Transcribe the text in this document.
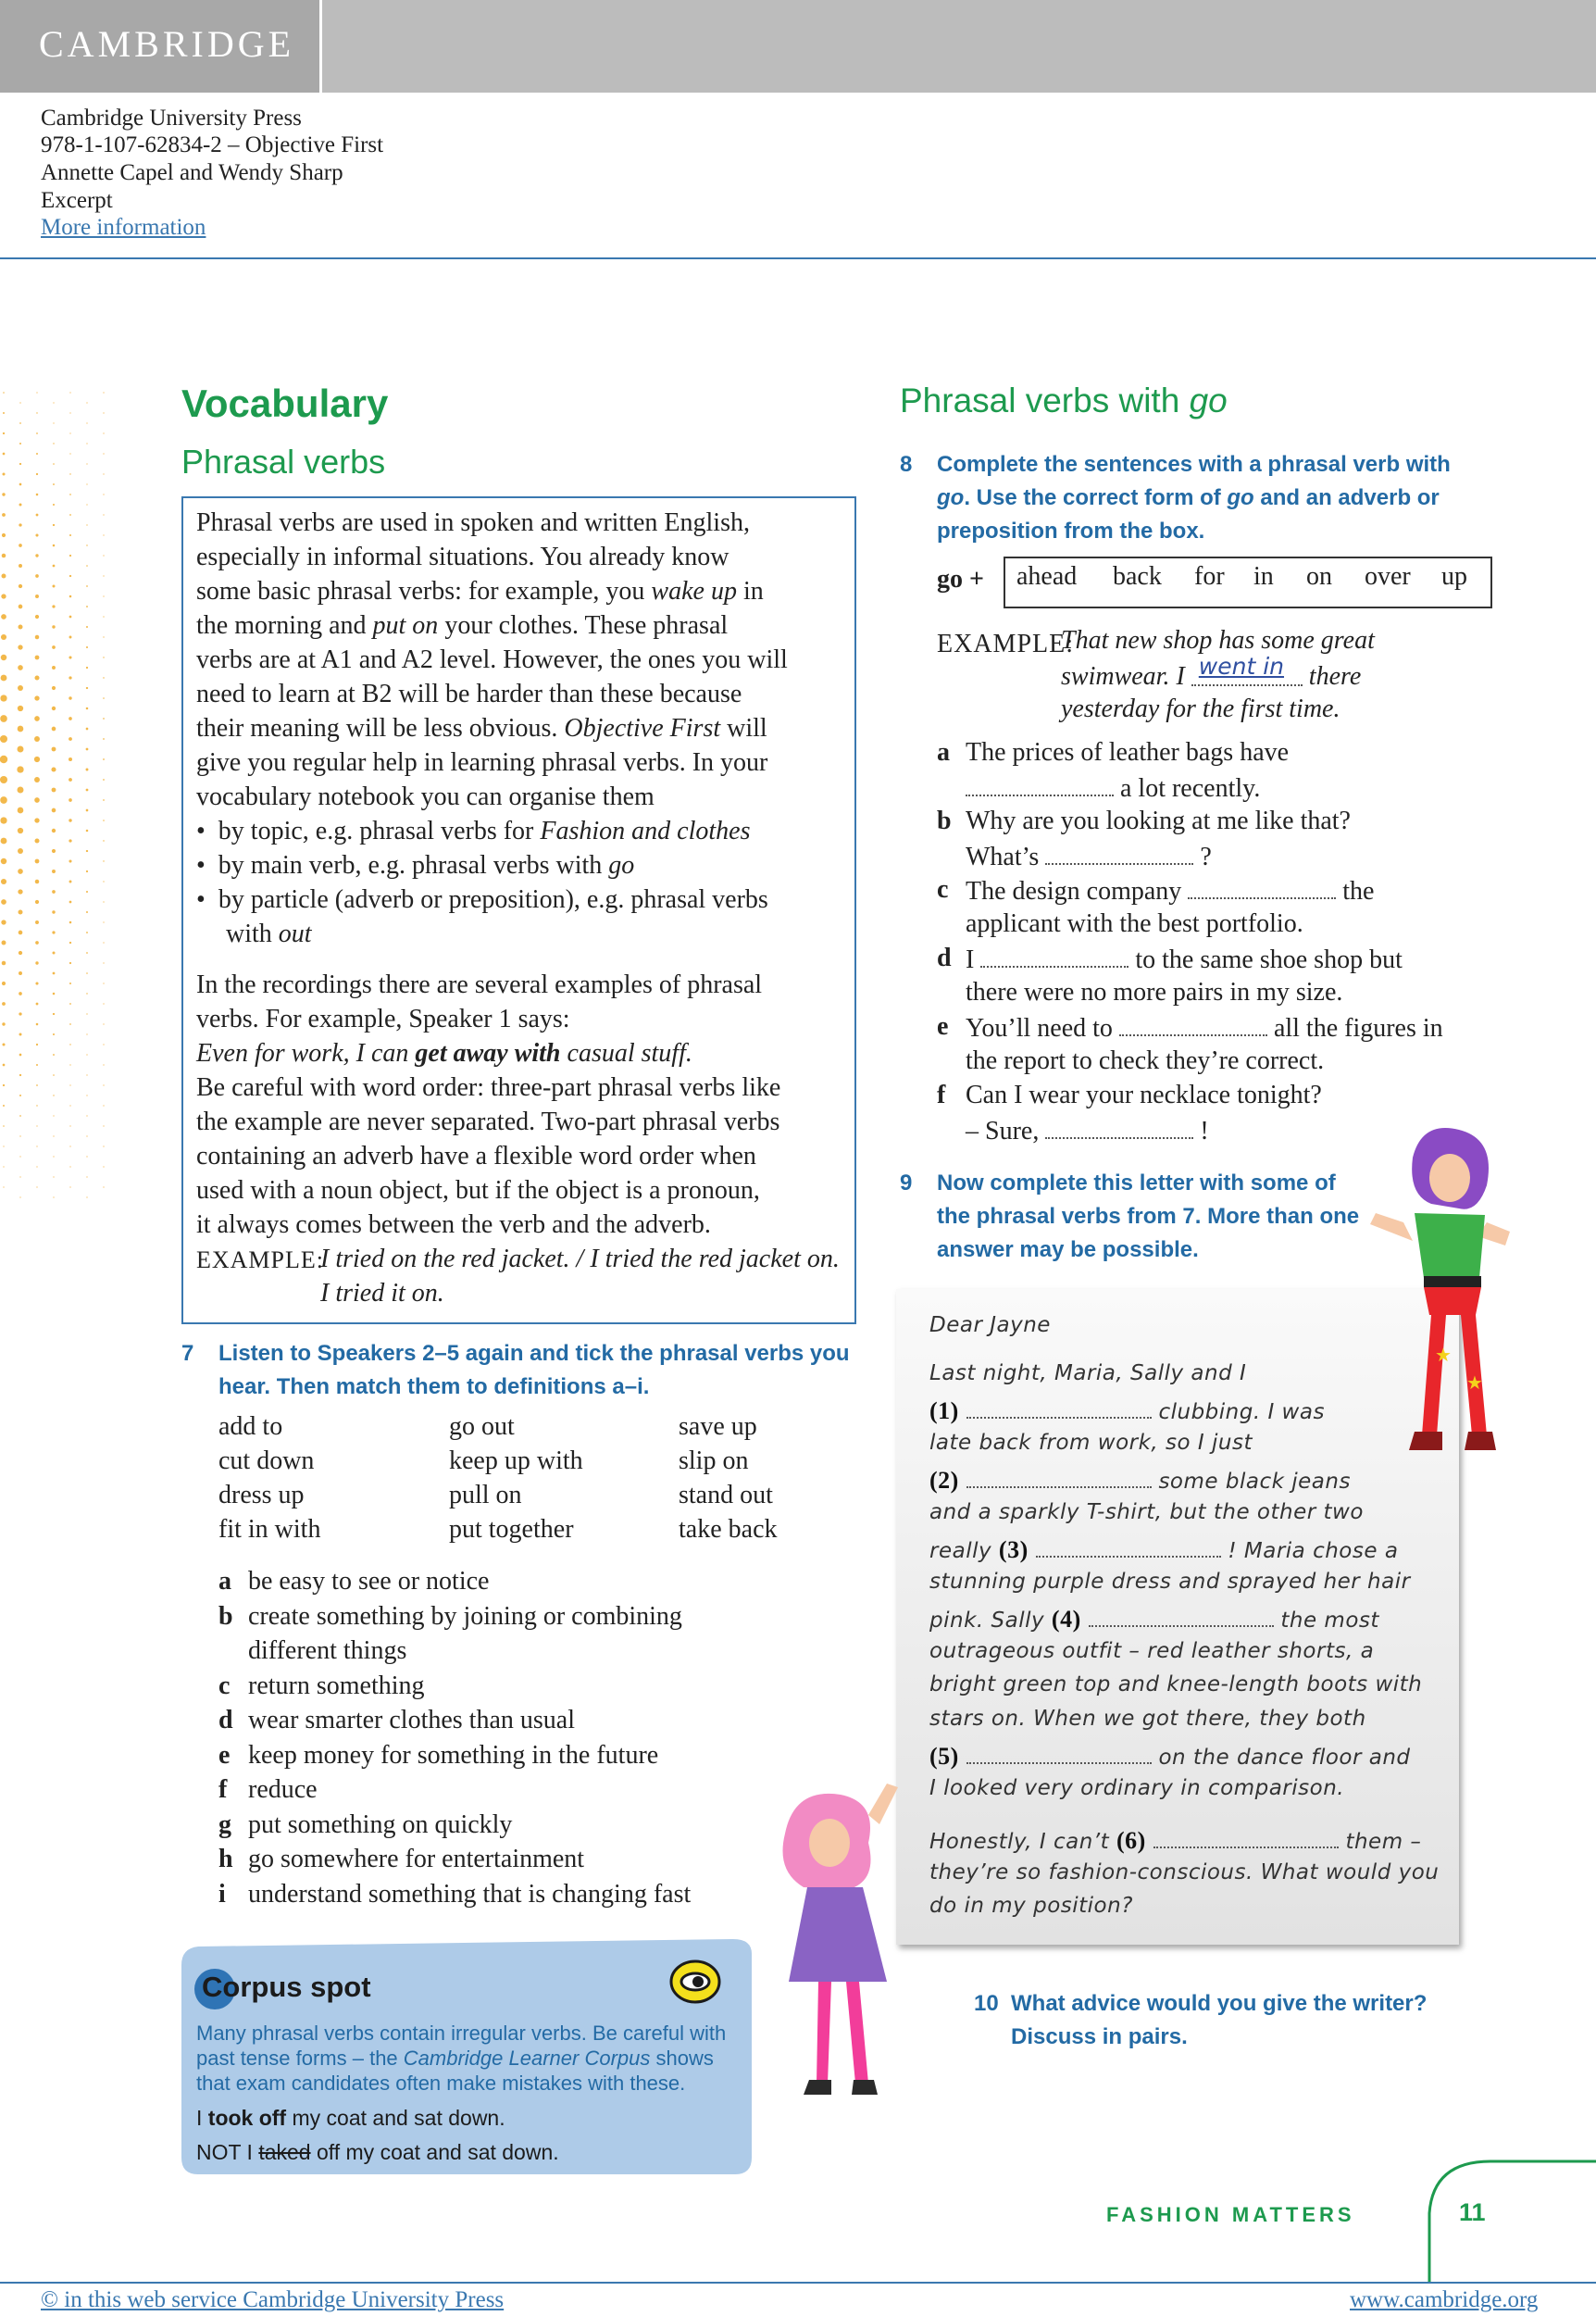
CAMBRIDGE
Cambridge University Press
978-1-107-62834-2 – Objective First
Annette Capel and Wendy Sharp
Excerpt
More information
Vocabulary
Phrasal verbs
Phrasal verbs are used in spoken and written English,
especially in informal situations. You already know
some basic phrasal verbs: for example, you wake up in
the morning and put on your clothes. These phrasal
verbs are at A1 and A2 level. However, the ones you will
need to learn at B2 will be harder than these because
their meaning will be less obvious. Objective First will
give you regular help in learning phrasal verbs. In your
vocabulary notebook you can organise them
•  by topic, e.g. phrasal verbs for Fashion and clothes
•  by main verb, e.g. phrasal verbs with go
•  by particle (adverb or preposition), e.g. phrasal verbs
with out
In the recordings there are several examples of phrasal
verbs. For example, Speaker 1 says:
Even for work, I can get away with casual stuff.
Be careful with word order: three-part phrasal verbs like
the example are never separated. Two-part phrasal verbs
containing an adverb have a flexible word order when
used with a noun object, but if the object is a pronoun,
it always comes between the verb and the adverb.
EXAMPLE:
I tried on the red jacket. / I tried the red jacket on.
I tried it on.
7 Listen to Speakers 2–5 again and tick the phrasal verbs you
hear. Then match them to definitions a–i.
add to	go out	save up
cut down	keep up with	slip on
dress up	pull on	stand out
fit in with	put together	take back
a be easy to see or notice
b create something by joining or combining
different things
c return something
d wear smarter clothes than usual
e keep money for something in the future
f reduce
g put something on quickly
h go somewhere for entertainment
i understand something that is changing fast
Corpus spot
Many phrasal verbs contain irregular verbs. Be careful with
past tense forms – the Cambridge Learner Corpus shows
that exam candidates often make mistakes with these.
I took off my coat and sat down.
NOT I taked off my coat and sat down.
Phrasal verbs with go
8 Complete the sentences with a phrasal verb with
go. Use the correct form of go and an adverb or
preposition from the box.
go + ahead back for in on over up
EXAMPLE:
That new shop has some great
swimwear. I went in there
yesterday for the first time.
a The prices of leather bags have
a lot recently.
b Why are you looking at me like that?
What’s	?
c The design company	the
applicant with the best portfolio.
d I	to the same shoe shop but
there were no more pairs in my size.
e You’ll need to	all the figures in
the report to check they’re correct.
f Can I wear your necklace tonight?
– Sure,	!
9 Now complete this letter with some of
the phrasal verbs from 7. More than one
answer may be possible.
Dear Jayne
Last night, Maria, Sally and I
(1)	clubbing. I was
late back from work, so I just
(2)	some black jeans
and a sparkly T-shirt, but the other two
really (3)	! Maria chose a
stunning purple dress and sprayed her hair
pink. Sally (4)	the most
outrageous outfit – red leather shorts, a
bright green top and knee-length boots with
stars on. When we got there, they both
(5)	on the dance floor and
I looked very ordinary in comparison.
Honestly, I can’t (6)	them –
they’re so fashion-conscious. What would you
do in my position?
10 What advice would you give the writer?
Discuss in pairs.
★
★
FASHION MATTERS	11
© in this web service Cambridge University Press	www.cambridge.org
